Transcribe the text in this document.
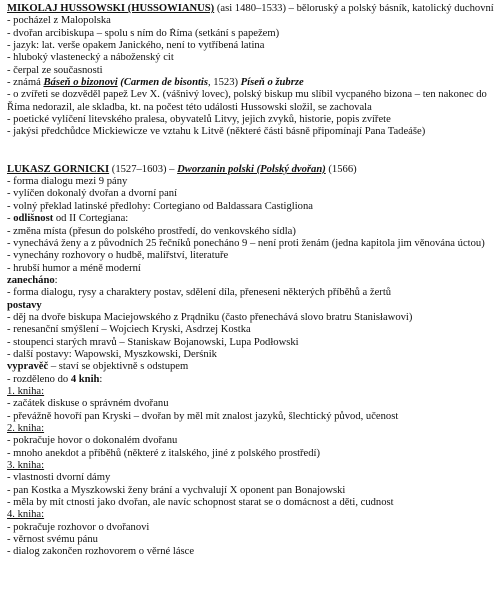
MIKOLAJ HUSSOWSKI (HUSSOWIANUS) (asi 1480–1533) – běloruský a polský básník, katolický duchovní
- pocházel z Malopolska
- dvořan arcibiskupa – spolu s ním do Říma (setkání s papežem)
- jazyk: lat. verše opakem Janického, není to vytříbená latina
- hluboký vlastenecký a náboženský cit
- čerpal ze současnosti
- známá Báseň o bizonovi (Carmen de bisontis, 1523) Píseň o žubrze
- o zvířeti se dozvěděl papež Lev X. (vášnivý lovec), polský biskup mu slíbil vycpaného bizona – ten nakonec do Říma nedorazil, ale skladba, kt. na počest této události Hussowski složil, se zachovala
- poetické vylíčení litevského pralesa, obyvatelů Litvy, jejich zvyků, historie, popis zvířete
- jakýsi předchůdce Mickiewicze ve vztahu k Litvě (některé části básně připomínají Pana Tadeáše)
LUKASZ GÓRNICKI (1527–1603) – Dworzanin polski (Polský dvořan) (1566)
- forma dialogu mezi 9 pány
- vylíčen dokonalý dvořan a dvorní paní
- volný překlad latinské předlohy: Cortegiano od Baldassara Castigliona
- odlišnost od II Cortegiana:
- změna místa (přesun do polského prostředí, do venkovského sídla)
- vynechává ženy a z původních 25 řečníků ponecháno 9 – není proti ženám (jedna kapitola jim věnována úctou)
- vynechány rozhovory o hudbě, malířství, literatuře
- hrubší humor a méně moderní
zanecháno:
- forma dialogu, rysy a charaktery postav, sdělení díla, přeneseni některých příběhů a žertů
postavy
- děj na dvoře biskupa Maciejowského z Prądniku (často přenechává slovo bratru Stanisławovi)
- renesanční smýšlení – Wojciech Kryski, Asdrzej Kostka
- stoupenci starých mravů – Staniskaw Bojanowski, Lupa Podłowski
- další postavy: Wapowski, Myszkowski, Derśnik
vypravěč – staví se objektivně s odstupem
- rozděleno do 4 knih:
1. kniha:
- začátek diskuse o správném dvořanu
- převážně hovoří pan Kryski – dvořan by měl mít znalost jazyků, šlechtický původ, učenost
2. kniha:
- pokračuje hovor o dokonalém dvořanu
- mnoho anekdot a příběhů (některé z italského, jiné z polského prostředí)
3. kniha:
- vlastnosti dvorní dámy
- pan Kostka a Myszkowski ženy brání a vychvalují X oponent pan Bonajowski
- měla by mít ctnosti jako dvořan, ale navíc schopnost starat se o domácnost a děti, cudnost
4. kniha:
- pokračuje rozhovor o dvořanovi
- věrnost svému pánu
- dialog zakončen rozhovorem o věrné lásce
